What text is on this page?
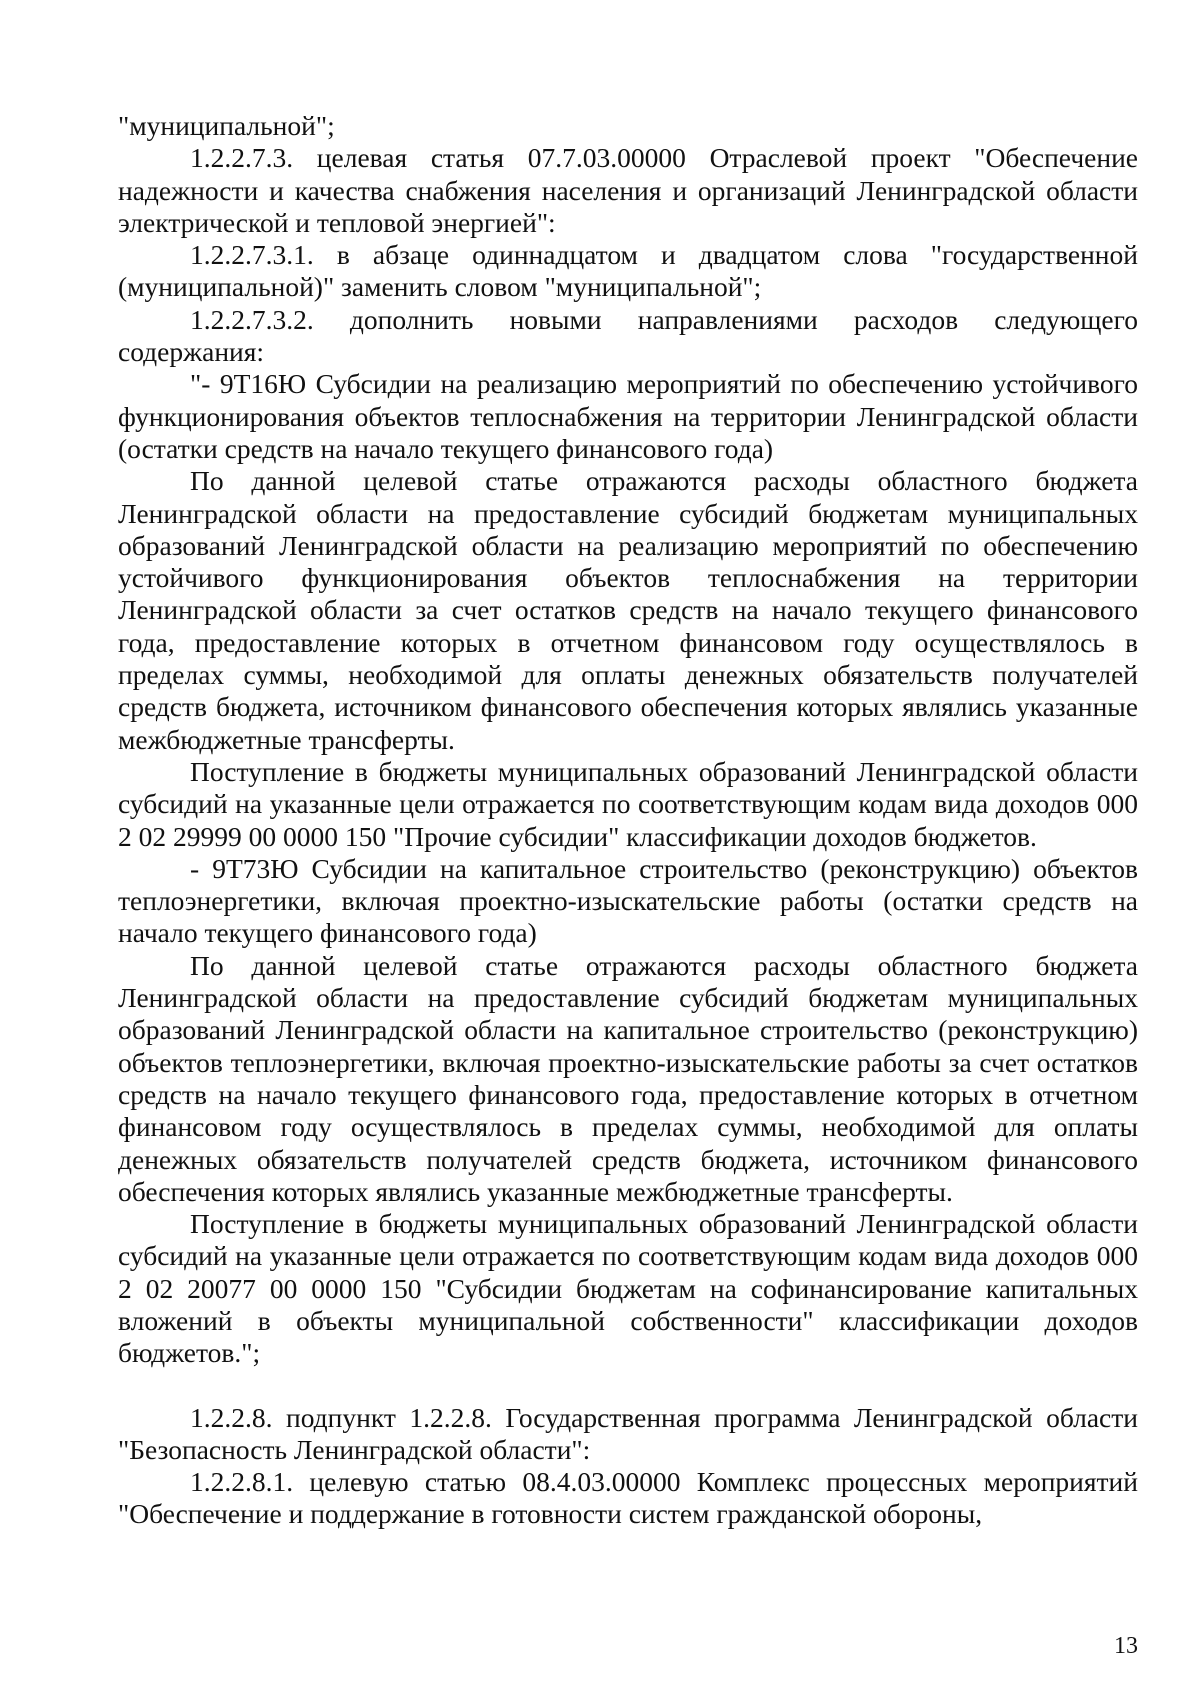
"муниципальной";

1.2.2.7.3. целевая статья 07.7.03.00000 Отраслевой проект "Обеспечение надежности и качества снабжения населения и организаций Ленинградской области электрической и тепловой энергией":

1.2.2.7.3.1. в абзаце одиннадцатом и двадцатом слова "государственной (муниципальной)" заменить словом "муниципальной";

1.2.2.7.3.2. дополнить новыми направлениями расходов следующего содержания:

"- 9Т16Ю Субсидии на реализацию мероприятий по обеспечению устойчивого функционирования объектов теплоснабжения на территории Ленинградской области (остатки средств на начало текущего финансового года)

По данной целевой статье отражаются расходы областного бюджета Ленинградской области на предоставление субсидий бюджетам муниципальных образований Ленинградской области на реализацию мероприятий по обеспечению устойчивого функционирования объектов теплоснабжения на территории Ленинградской области за счет остатков средств на начало текущего финансового года, предоставление которых в отчетном финансовом году осуществлялось в пределах суммы, необходимой для оплаты денежных обязательств получателей средств бюджета, источником финансового обеспечения которых являлись указанные межбюджетные трансферты.

Поступление в бюджеты муниципальных образований Ленинградской области субсидий на указанные цели отражается по соответствующим кодам вида доходов 000 2 02 29999 00 0000 150 "Прочие субсидии" классификации доходов бюджетов.

- 9Т73Ю Субсидии на капитальное строительство (реконструкцию) объектов теплоэнергетики, включая проектно-изыскательские работы (остатки средств на начало текущего финансового года)

По данной целевой статье отражаются расходы областного бюджета Ленинградской области на предоставление субсидий бюджетам муниципальных образований Ленинградской области на капитальное строительство (реконструкцию) объектов теплоэнергетики, включая проектно-изыскательские работы за счет остатков средств на начало текущего финансового года, предоставление которых в отчетном финансовом году осуществлялось в пределах суммы, необходимой для оплаты денежных обязательств получателей средств бюджета, источником финансового обеспечения которых являлись указанные межбюджетные трансферты.

Поступление в бюджеты муниципальных образований Ленинградской области субсидий на указанные цели отражается по соответствующим кодам вида доходов 000 2 02 20077 00 0000 150 "Субсидии бюджетам на софинансирование капитальных вложений в объекты муниципальной собственности" классификации доходов бюджетов.";

1.2.2.8. подпункт 1.2.2.8. Государственная программа Ленинградской области "Безопасность Ленинградской области":

1.2.2.8.1. целевую статью 08.4.03.00000 Комплекс процессных мероприятий "Обеспечение и поддержание в готовности систем гражданской обороны,

13
